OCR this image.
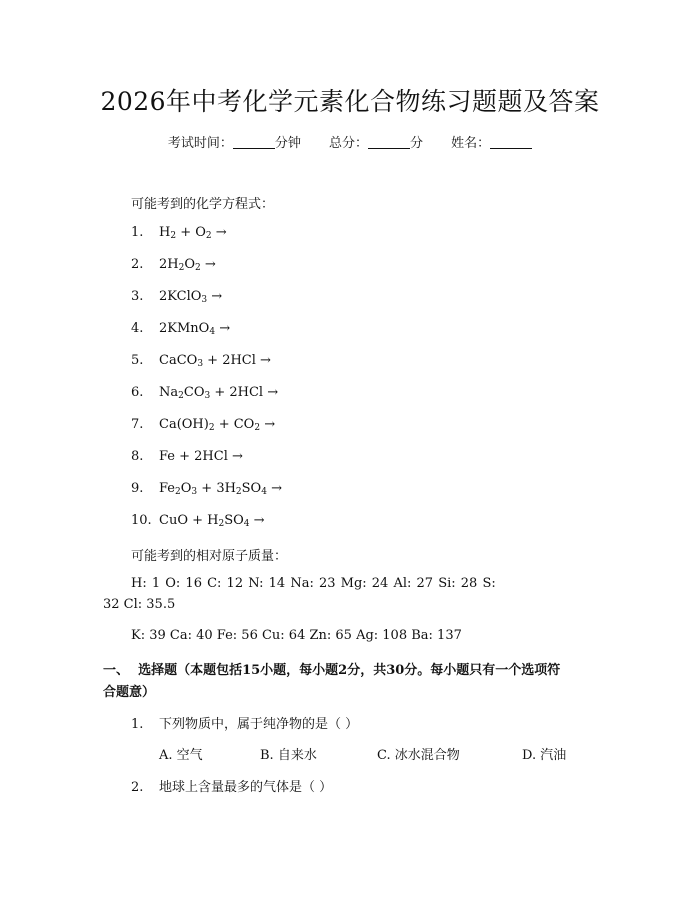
2026年中考化学元素化合物练习题题及答案
考试时间：	分钟 总分：	分 姓名：
可能考到的化学方程式：
1. $H_2 + O_2$ →
2. $2H_2O_2$ →
3. 2KClO$_3$ →
4. 2KMnO$_4$ →
5. CaCO$_3$ + 2HCl →
6. $Na_2CO_3 + 2HCl$ →
7. $Ca(OH)_2 + CO_2$ →
8. Fe + 2HCl →
9. $Fe_2O_3 + 3H_2SO_4$ →
10. CuO + $H_2SO_4$ →
可能考到的相对原子质量：
H: 1 O: 16 C: 12 N: 14 Na: 23 Mg: 24 Al: 27 Si: 28 S:
32 Cl: 35.5
K: 39 Ca: 40 Fe: 56 Cu: 64 Zn: 65 Ag: 108 Ba: 137
一、 选择题（本题包括15小题，每小题2分，共30分。每小题只有一个选项符
合题意）
1. 下列物质中，属于纯净物的是（ ）
A. 空气	B. 自来水	C. 冰水混合物	D. 汽油
2. 地球上含量最多的气体是（ ）
